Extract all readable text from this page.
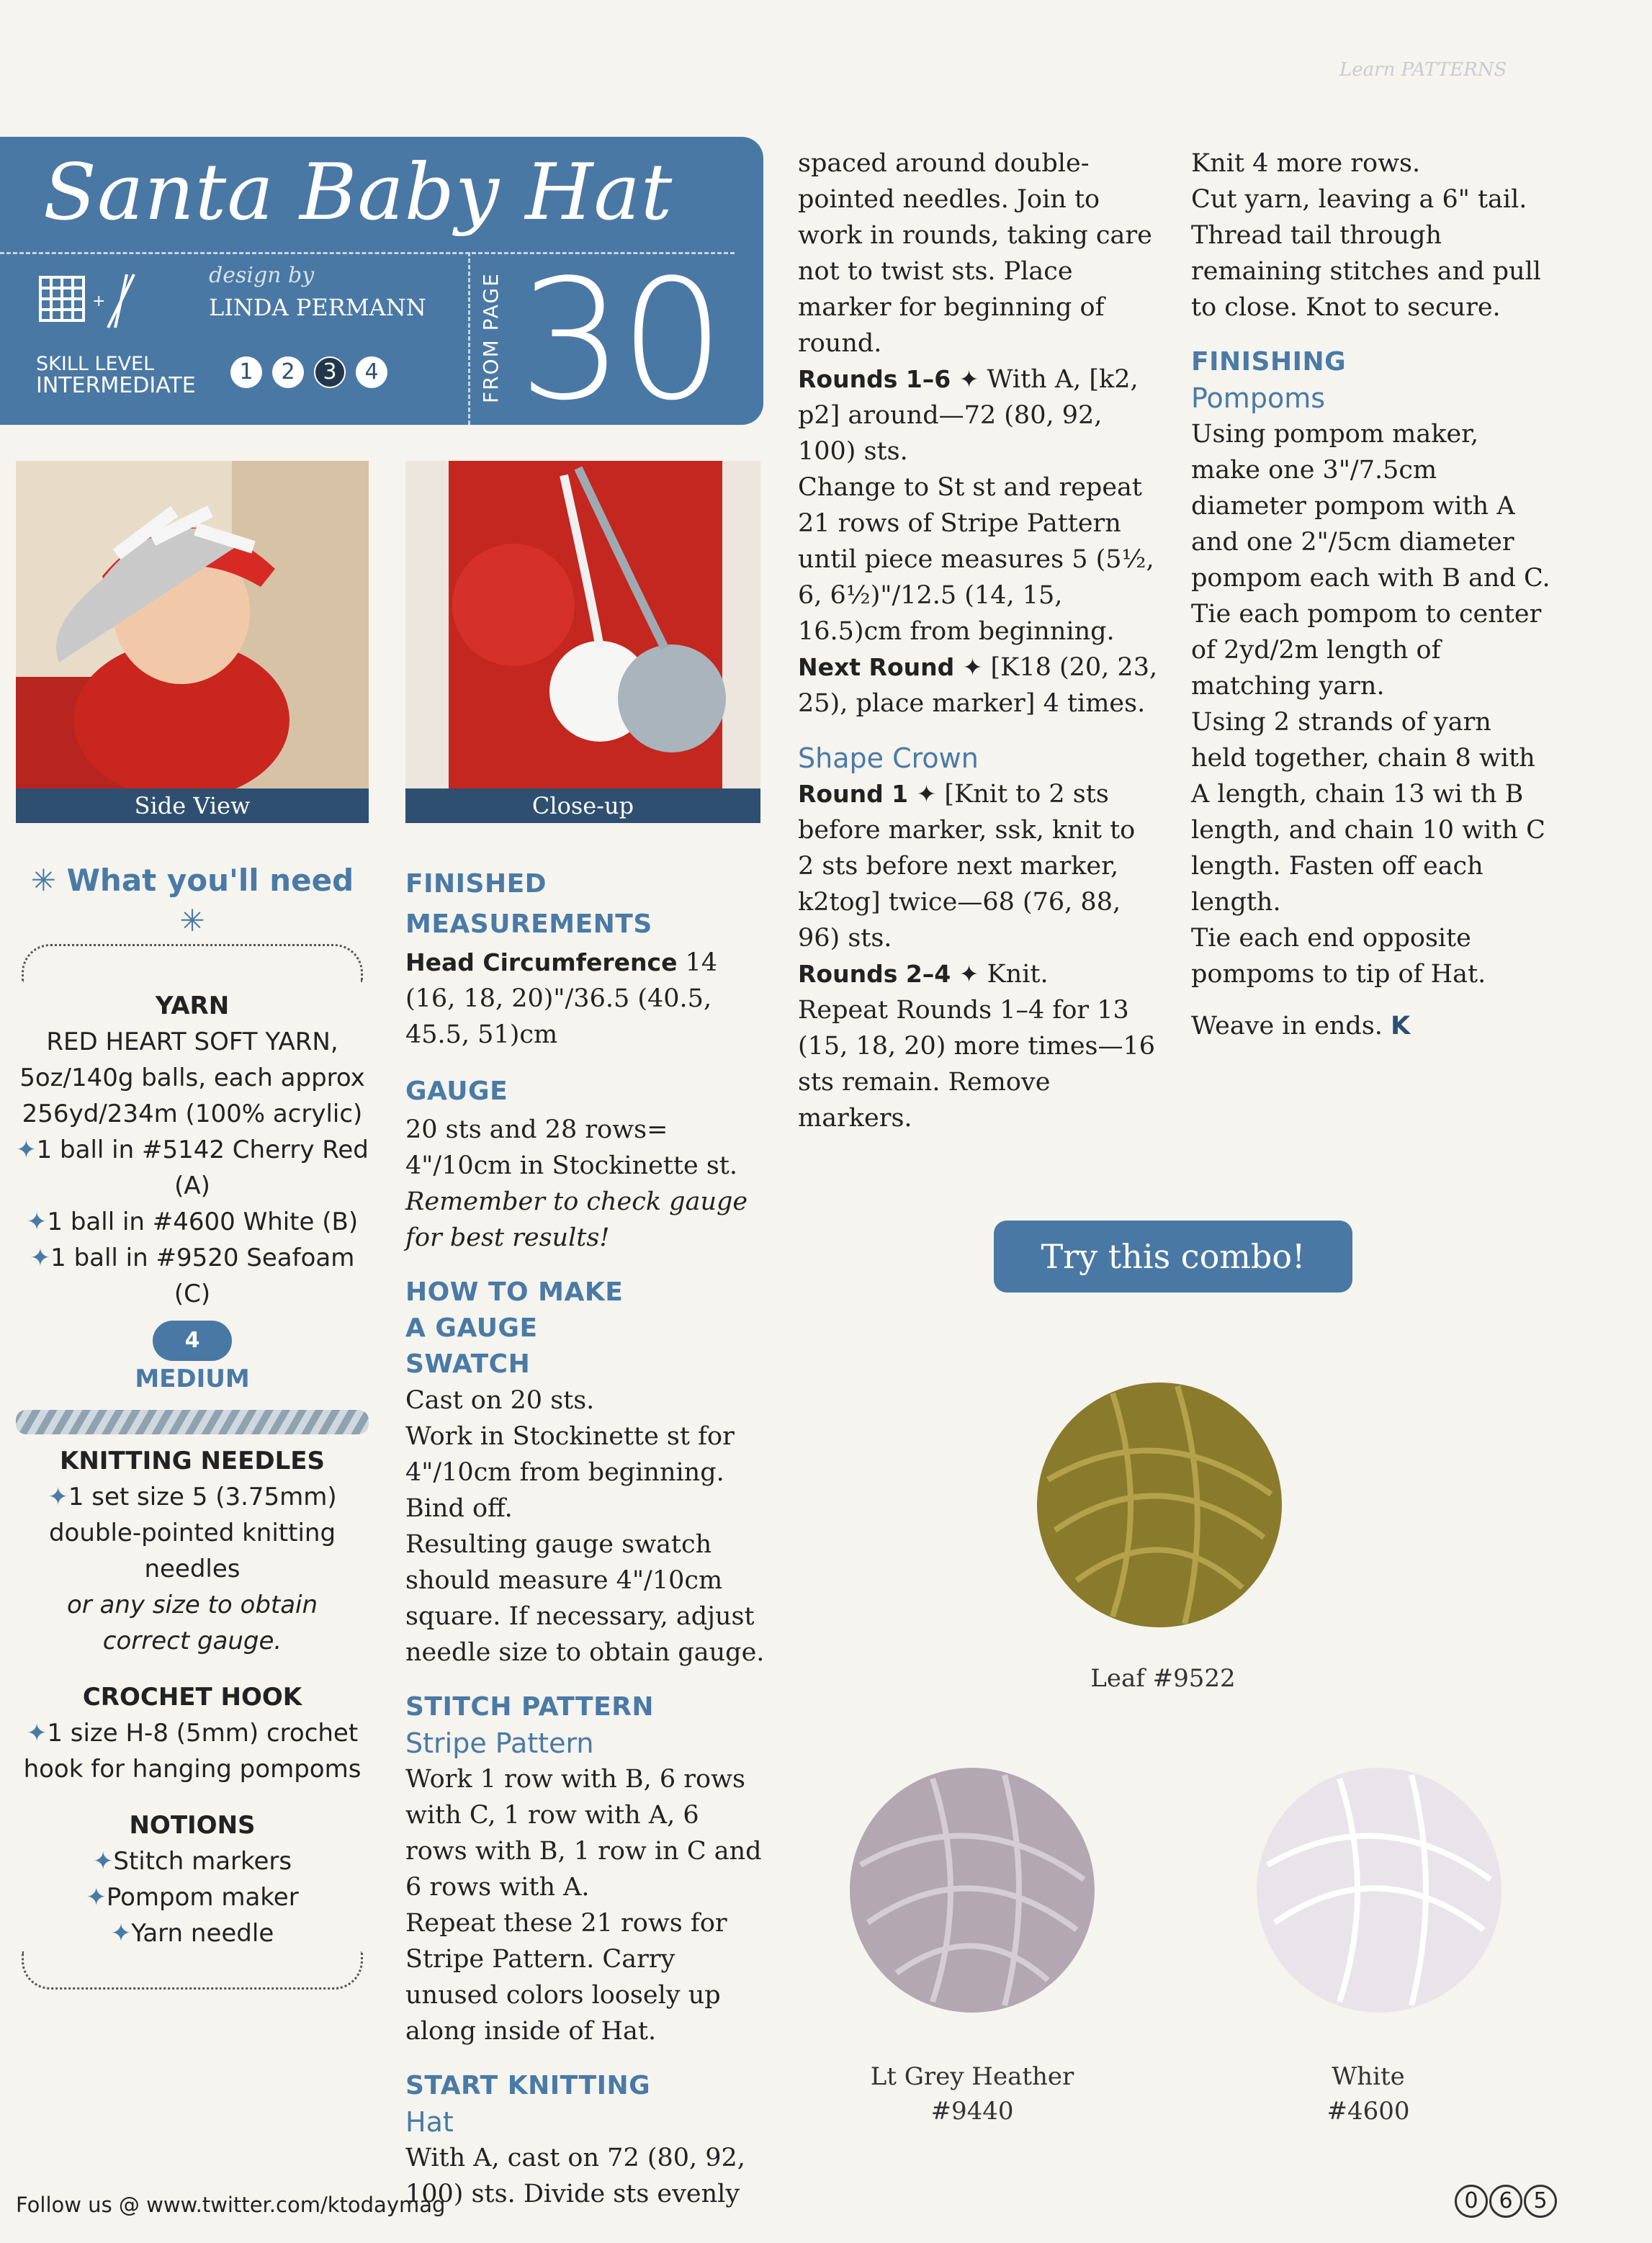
Learn PATTERNS
Santa Baby Hat
+
design by
LINDA PERMANN
SKILL LEVEL
INTERMEDIATE
1 2 3 4	FROM PAGE 30
Side View	Close-up
✳ What you'll need ✳
YARN
RED HEART SOFT YARN,
5oz/140g balls, each approx
256yd/234m (100% acrylic)
✦1 ball in #5142 Cherry Red (A)
✦1 ball in #4600 White (B)
✦1 ball in #9520 Seafoam (C)
4
MEDIUM
KNITTING NEEDLES
✦1 set size 5 (3.75mm) double-pointed knitting needles
or any size to obtain correct gauge.
CROCHET HOOK
✦1 size H-8 (5mm) crochet hook for hanging pompoms
NOTIONS
✦Stitch markers
✦Pompom maker
✦Yarn needle
FINISHED MEASUREMENTS

Head Circumference 14 (16, 18, 20)"/36.5 (40.5, 45.5, 51)cm

GAUGE

20 sts and 28 rows= 4"/10cm in Stockinette st.

Remember to check gauge for best results!

HOW TO MAKE A GAUGE SWATCH

Cast on 20 sts.

Work in Stockinette st for 4"/10cm from beginning.

Bind off.

Resulting gauge swatch should measure 4"/10cm square. If necessary, adjust needle size to obtain gauge.

STITCH PATTERN
Stripe Pattern

Work 1 row with B, 6 rows with C, 1 row with A, 6 rows with B, 1 row in C and 6 rows with A.

Repeat these 21 rows for Stripe Pattern. Carry unused colors loosely up along inside of Hat.

START KNITTING
Hat

With A, cast on 72 (80, 92, 100) sts. Divide sts evenly

spaced around double-pointed needles. Join to work in rounds, taking care not to twist sts. Place marker for beginning of round.

Rounds 1–6 ✦ With A, [k2, p2] around—72 (80, 92, 100) sts.

Change to St st and repeat 21 rows of Stripe Pattern until piece measures 5 (5½, 6, 6½)"/12.5 (14, 15, 16.5)cm from beginning.

Next Round ✦ [K18 (20, 23, 25), place marker] 4 times.

Shape Crown

Round 1 ✦ [Knit to 2 sts before marker, ssk, knit to 2 sts before next marker, k2tog] twice—68 (76, 88, 96) sts.

Rounds 2–4 ✦ Knit.

Repeat Rounds 1–4 for 13 (15, 18, 20) more times—16 sts remain. Remove markers.

Knit 4 more rows.

Cut yarn, leaving a 6" tail. Thread tail through remaining stitches and pull to close. Knot to secure.

FINISHING
Pompoms

Using pompom maker, make one 3"/7.5cm diameter pompom with A and one 2"/5cm diameter pompom each with B and C. Tie each pompom to center of 2yd/2m length of matching yarn.

Using 2 strands of yarn held together, chain 8 with A length, chain 13 wi th B length, and chain 10 with C length. Fasten off each length.

Tie each end opposite pompoms to tip of Hat.

Weave in ends. K

Try this combo!
Leaf #9522
Lt Grey Heather
#9440
White
#4600
Follow us @ www.twitter.com/ktodaymag	0 6 5
